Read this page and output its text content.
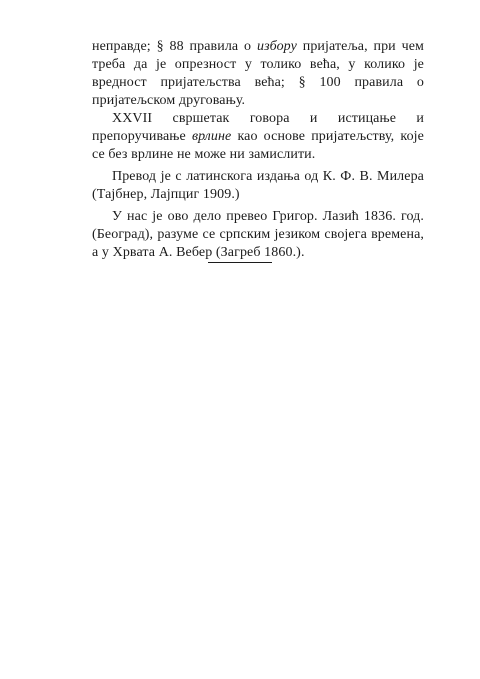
неправде; § 88 правила о избору пријатеља, при чем треба да је опрезност у толико већа, у колико је вредност пријатељства већа; § 100 правила о пријатељском друговању.

XXVII свршетак говора и истицање и препоручивање врлине као основе пријатељству, које се без врлине не може ни замислити.

Превод је с латинскога издања од К. Ф. В. Милера (Тајбнер, Лајпциг 1909.)

У нас је ово дело превео Григор. Лазић 1836. год. (Београд), разуме се српским језиком својега времена, а у Хрвата А. Вебер (Загреб 1860.).
